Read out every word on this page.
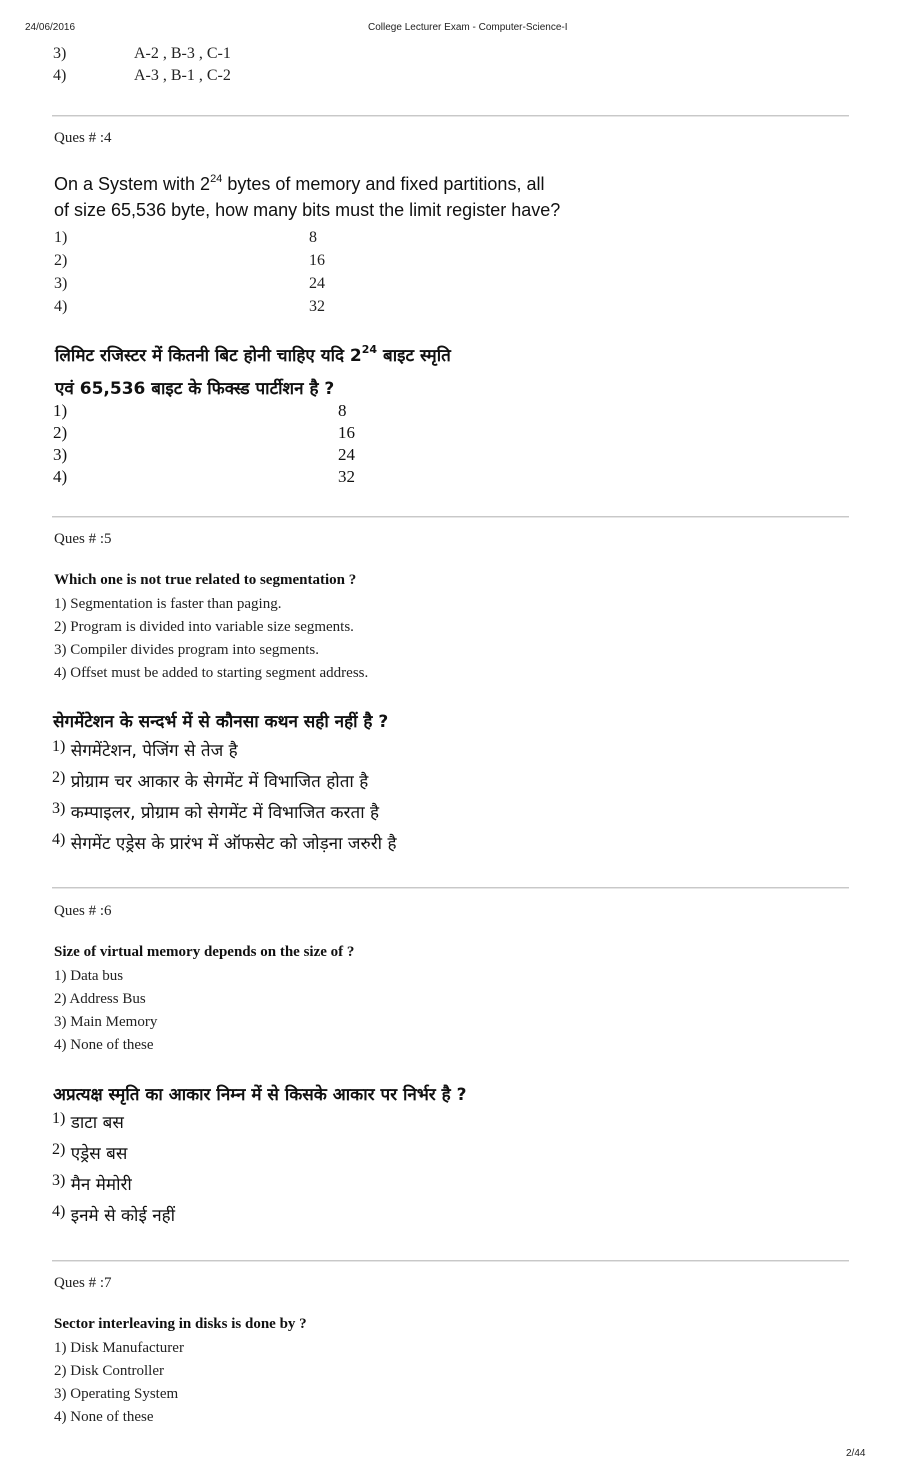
24/06/2016	College Lecturer Exam - Computer-Science-I
3)	A-2 , B-3 , C-1
4)	A-3 , B-1 , C-2
Ques # :4
On a System with $2^{24}$ bytes of memory and fixed partitions, all
of size 65,536 byte, how many bits must the limit register have?
1)	8
2)	16
3)	24
4)	32
लिमिट रजिस्टर में कितनी बिट होनी चाहिए यदि $2^{24}$ बाइट स्मृति
एवं 65,536 बाइट के फिक्स्ड पार्टीशन है ?
1)	8
2)	16
3)	24
4)	32
Ques # :5
Which one is not true related to segmentation ?
1) Segmentation is faster than paging.
2) Program is divided into variable size segments.
3) Compiler divides program into segments.
4) Offset must be added to starting segment address.
सेगमेंटेशन के सन्दर्भ में से कौनसा कथन सही नहीं है ?
1) सेगमेंटेशन, पेजिंग से तेज है
2) प्रोग्राम चर आकार के सेगमेंट में विभाजित होता है
3) कम्पाइलर, प्रोग्राम को सेगमेंट में विभाजित करता है
4) सेगमेंट एड्रेस के प्रारंभ में ऑफसेट को जोड़ना जरुरी है
Ques # :6
Size of virtual memory depends on the size of ?
1) Data bus
2) Address Bus
3) Main Memory
4) None of these
अप्रत्यक्ष स्मृति का आकार निम्न में से किसके आकार पर निर्भर है ?
1) डाटा बस
2) एड्रेस बस
3) मैन मेमोरी
4) इनमे से कोई नहीं
Ques # :7
Sector interleaving in disks is done by ?
1) Disk Manufacturer
2) Disk Controller
3) Operating System
4) None of these
2/44
